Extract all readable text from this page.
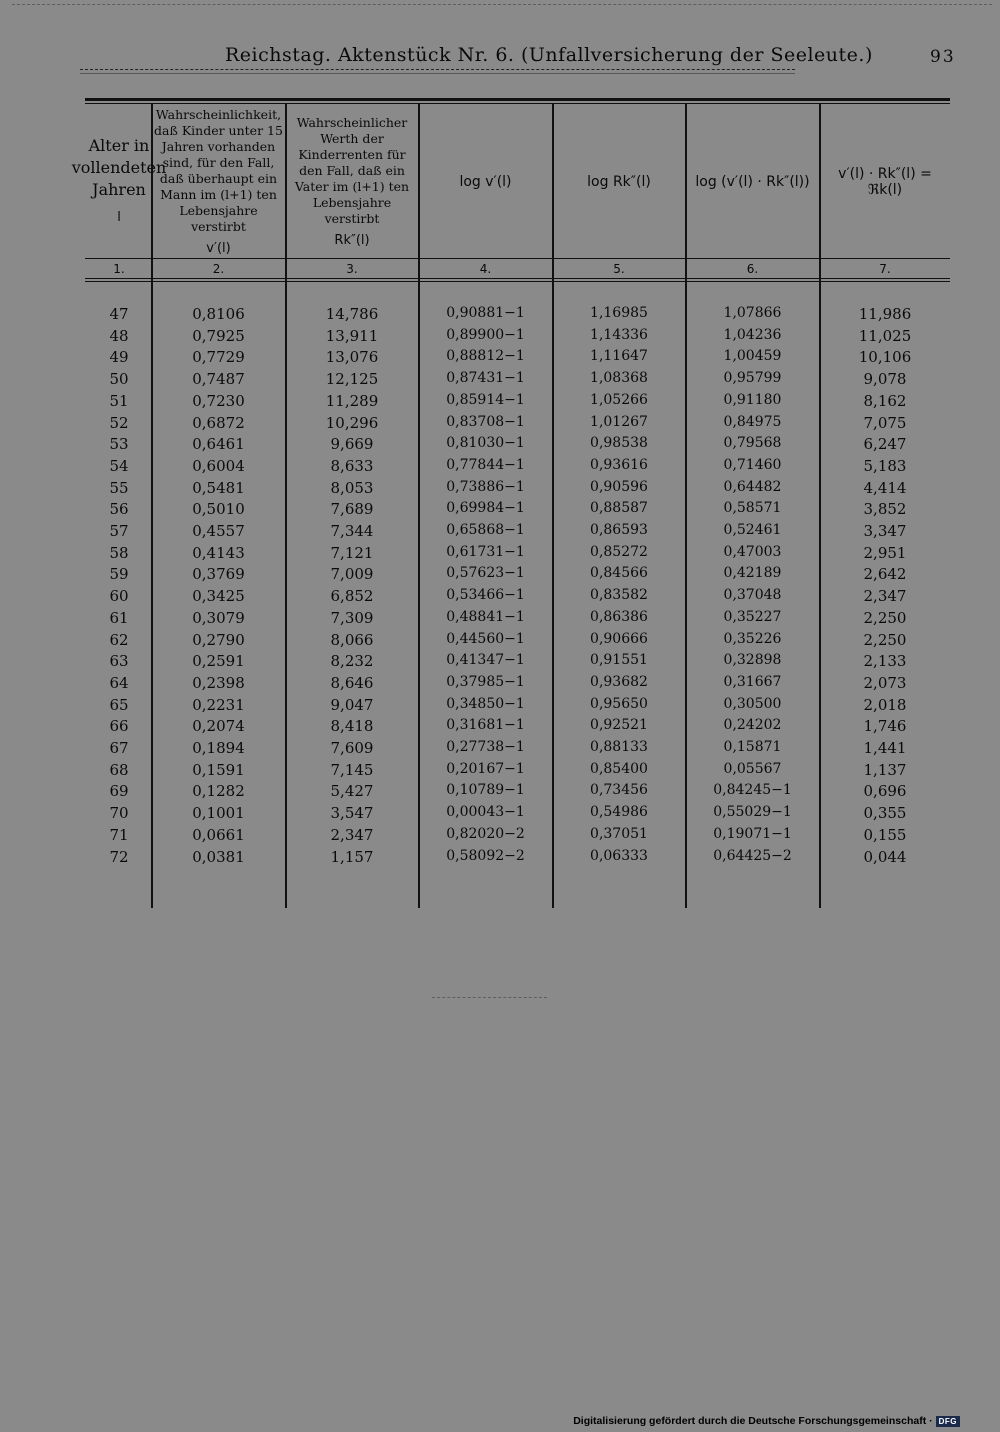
Reichstag. Aktenstück Nr. 6. (Unfallversicherung der Seeleute.)	93
Alter in vollendeten Jahren
l
Wahrscheinlichkeit, daß Kinder unter 15 Jahren vorhanden sind, für den Fall, daß überhaupt ein Mann im (l+1) ten Lebensjahre verstirbt
v′(l)
Wahrscheinlicher Werth der Kinderrenten für den Fall, daß ein Vater im (l+1) ten Lebensjahre verstirbt
Rk″(l)
log v′(l)	log Rk″(l)	log (v′(l) · Rk″(l))	v′(l) · Rk″(l) = ℜk(l)
1.	2.	3.	4.	5.	6.	7.
47	0,8106	14,786	0,90881−1	1,16985	1,07866	11,986
48	0,7925	13,911	0,89900−1	1,14336	1,04236	11,025
49	0,7729	13,076	0,88812−1	1,11647	1,00459	10,106
50	0,7487	12,125	0,87431−1	1,08368	0,95799	9,078
51	0,7230	11,289	0,85914−1	1,05266	0,91180	8,162
52	0,6872	10,296	0,83708−1	1,01267	0,84975	7,075
53	0,6461	9,669	0,81030−1	0,98538	0,79568	6,247
54	0,6004	8,633	0,77844−1	0,93616	0,71460	5,183
55	0,5481	8,053	0,73886−1	0,90596	0,64482	4,414
56	0,5010	7,689	0,69984−1	0,88587	0,58571	3,852
57	0,4557	7,344	0,65868−1	0,86593	0,52461	3,347
58	0,4143	7,121	0,61731−1	0,85272	0,47003	2,951
59	0,3769	7,009	0,57623−1	0,84566	0,42189	2,642
60	0,3425	6,852	0,53466−1	0,83582	0,37048	2,347
61	0,3079	7,309	0,48841−1	0,86386	0,35227	2,250
62	0,2790	8,066	0,44560−1	0,90666	0,35226	2,250
63	0,2591	8,232	0,41347−1	0,91551	0,32898	2,133
64	0,2398	8,646	0,37985−1	0,93682	0,31667	2,073
65	0,2231	9,047	0,34850−1	0,95650	0,30500	2,018
66	0,2074	8,418	0,31681−1	0,92521	0,24202	1,746
67	0,1894	7,609	0,27738−1	0,88133	0,15871	1,441
68	0,1591	7,145	0,20167−1	0,85400	0,05567	1,137
69	0,1282	5,427	0,10789−1	0,73456	0,84245−1	0,696
70	0,1001	3,547	0,00043−1	0,54986	0,55029−1	0,355
71	0,0661	2,347	0,82020−2	0,37051	0,19071−1	0,155
72	0,0381	1,157	0,58092−2	0,06333	0,64425−2	0,044
Digitalisierung gefördert durch die Deutsche Forschungsgemeinschaft · DFG
